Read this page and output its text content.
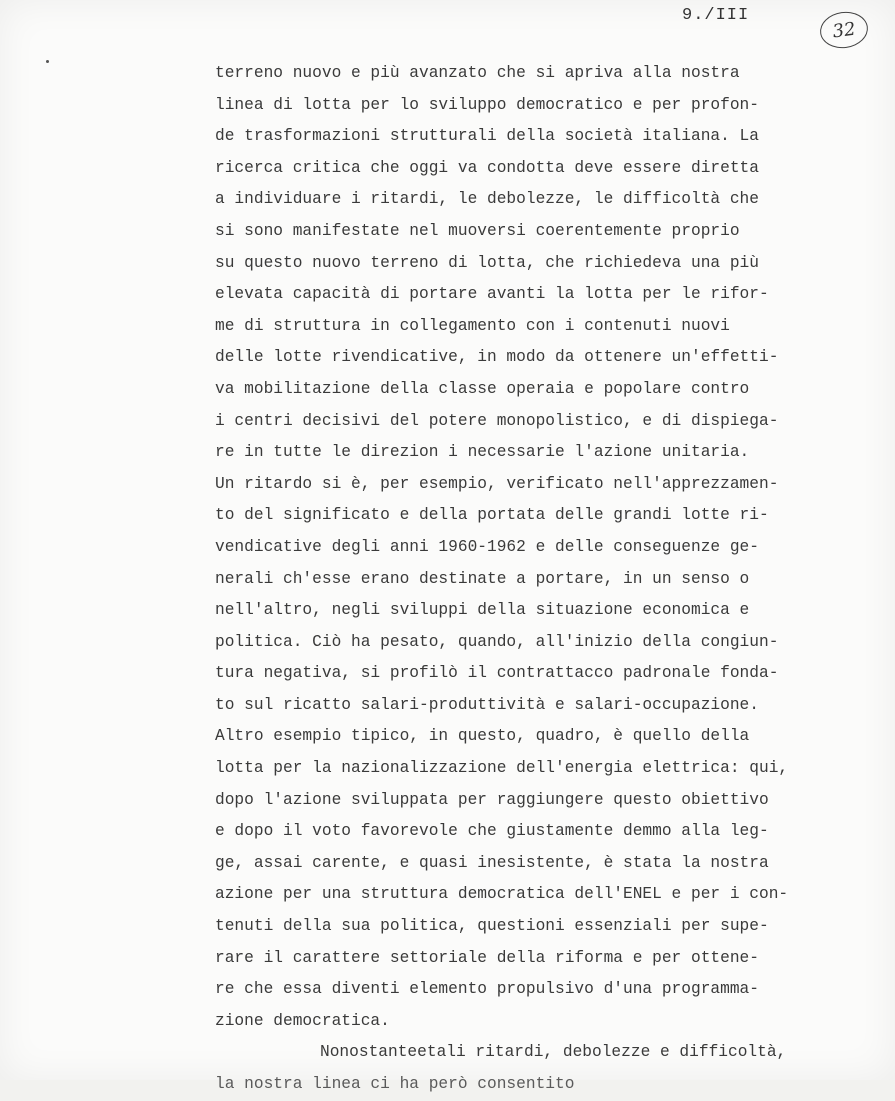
9./III
32
terreno nuovo e più avanzato che si apriva alla nostra
linea di lotta per lo sviluppo democratico e per profon-
de trasformazioni strutturali della società italiana. La
ricerca critica che oggi va condotta deve essere diretta
a individuare i ritardi, le debolezze, le difficoltà che
si sono manifestate nel muoversi coerentemente proprio
su questo nuovo terreno di lotta, che richiedeva una più
elevata capacità di portare avanti la lotta per le rifor-
me di struttura in collegamento con i contenuti nuovi
delle lotte rivendicative, in modo da ottenere un'effetti-
va mobilitazione della classe operaia e popolare contro
i centri decisivi del potere monopolistico, e di dispiega-
re in tutte le direzion i necessarie l'azione unitaria.
Un ritardo si è, per esempio, verificato nell'apprezzamen-
to del significato e della portata delle grandi lotte ri-
vendicative degli anni 1960-1962 e delle conseguenze ge-
nerali ch'esse erano destinate a portare, in un senso o
nell'altro, negli sviluppi della situazione economica e
politica. Ciò ha pesato, quando, all'inizio della congiun-
tura negativa, si profilò il contrattacco padronale fonda-
to sul ricatto salari-produttività e salari-occupazione.
Altro esempio tipico, in questo, quadro, è quello della
lotta per la nazionalizzazione dell'energia elettrica: qui,
dopo l'azione sviluppata per raggiungere questo obiettivo
e dopo il voto favorevole che giustamente demmo alla leg-
ge, assai carente, e quasi inesistente, è stata la nostra
azione per una struttura democratica dell'ENEL e per i con-
tenuti della sua politica, questioni essenziali per supe-
rare il carattere settoriale della riforma e per ottene-
re che essa diventi elemento propulsivo d'una programma-
zione democratica.
Nonostanteetali ritardi, debolezze e difficoltà,
la nostra linea ci ha però consentito
